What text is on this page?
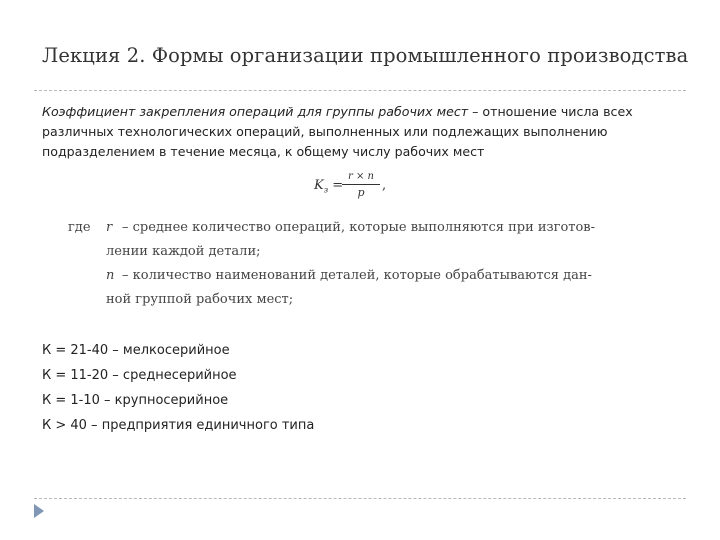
Лекция 2. Формы организации промышленного производства
Коэффициент закрепления операций для группы рабочих мест – отношение числа всех
различных технологических операций, выполненных или подлежащих выполнению
подразделением в течение месяца, к общему числу рабочих мест
$K_з$ =
r × n
p	,
где r – среднее количество операций, которые выполняются при изготов-
лении каждой детали;
n – количество наименований деталей, которые обрабатываются дан-
ной группой рабочих мест;
К = 21-40 – мелкосерийное
К = 11-20 – среднесерийное
К = 1-10 – крупносерийное
К > 40 – предприятия единичного типа
